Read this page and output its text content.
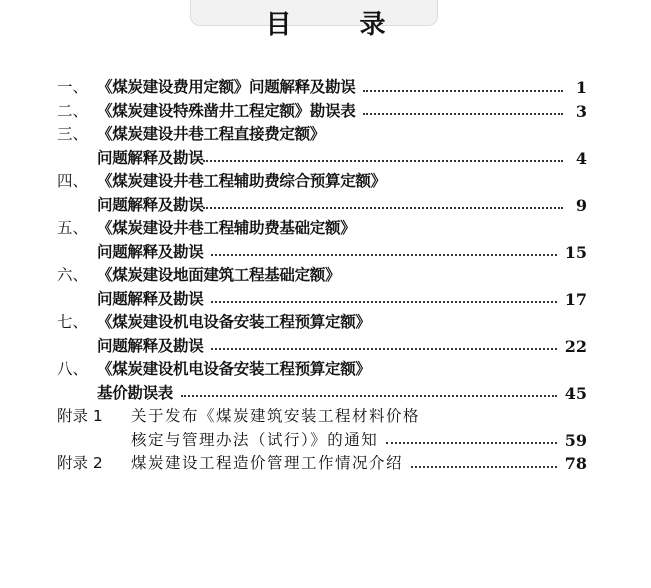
目	录
一、 《煤炭建设费用定额》问题解释及勘误	1
二、 《煤炭建设特殊凿井工程定额》勘误表	3
三、 《煤炭建设井巷工程直接费定额》
问题解释及勘误	4
四、 《煤炭建设井巷工程辅助费综合预算定额》
问题解释及勘误	9
五、 《煤炭建设井巷工程辅助费基础定额》
问题解释及勘误	15
六、 《煤炭建设地面建筑工程基础定额》
问题解释及勘误	17
七、 《煤炭建设机电设备安装工程预算定额》
问题解释及勘误	22
八、 《煤炭建设机电设备安装工程预算定额》
基价勘误表	45
附录 1	关于发布《煤炭建筑安装工程材料价格
核定与管理办法（试行）》的通知	59
附录 2	煤炭建设工程造价管理工作情况介绍	78
